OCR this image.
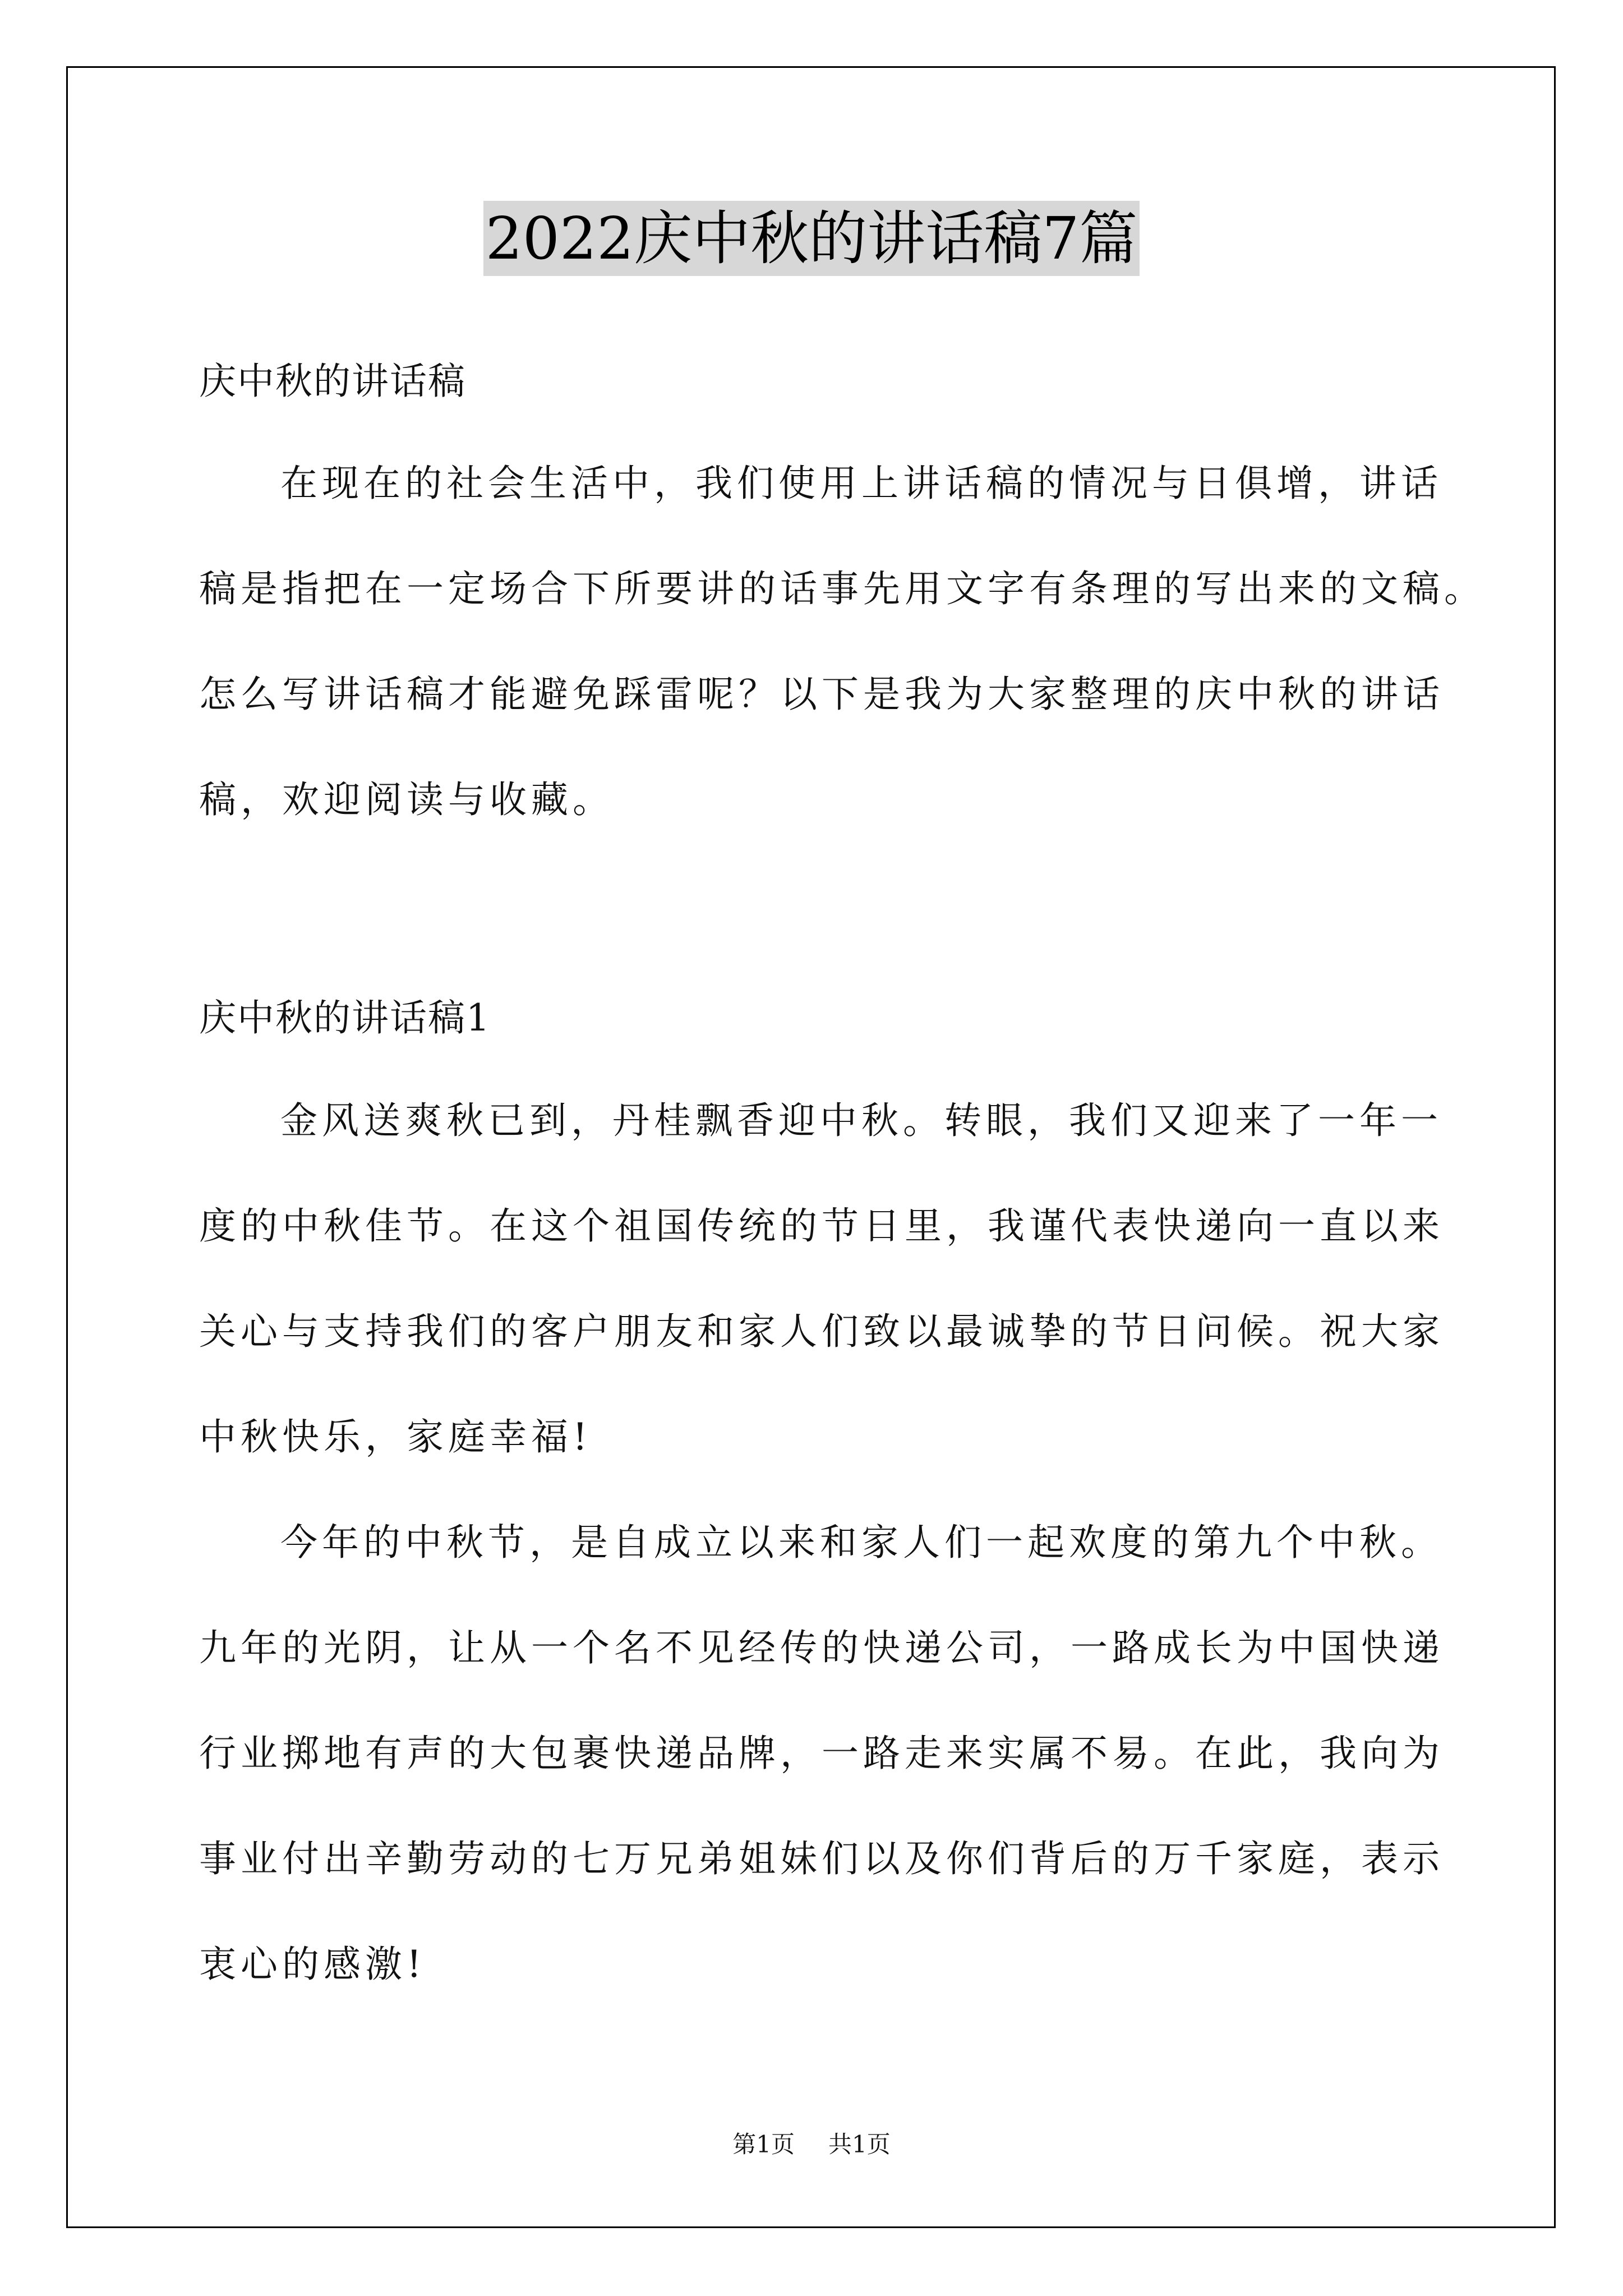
2022庆中秋的讲话稿7篇
庆中秋的讲话稿
在现在的社会生活中，我们使用上讲话稿的情况与日俱增，讲话
稿是指把在一定场合下所要讲的话事先用文字有条理的写出来的文稿。
怎么写讲话稿才能避免踩雷呢？以下是我为大家整理的庆中秋的讲话
稿，欢迎阅读与收藏。
庆中秋的讲话稿1
金风送爽秋已到，丹桂飘香迎中秋。转眼，我们又迎来了一年一
度的中秋佳节。在这个祖国传统的节日里，我谨代表快递向一直以来
关心与支持我们的客户朋友和家人们致以最诚挚的节日问候。祝大家
中秋快乐，家庭幸福!
今年的中秋节，是自成立以来和家人们一起欢度的第九个中秋。
九年的光阴，让从一个名不见经传的快递公司，一路成长为中国快递
行业掷地有声的大包裹快递品牌，一路走来实属不易。在此，我向为
事业付出辛勤劳动的七万兄弟姐妹们以及你们背后的万千家庭，表示
衷心的感激!
第1页 共1页
